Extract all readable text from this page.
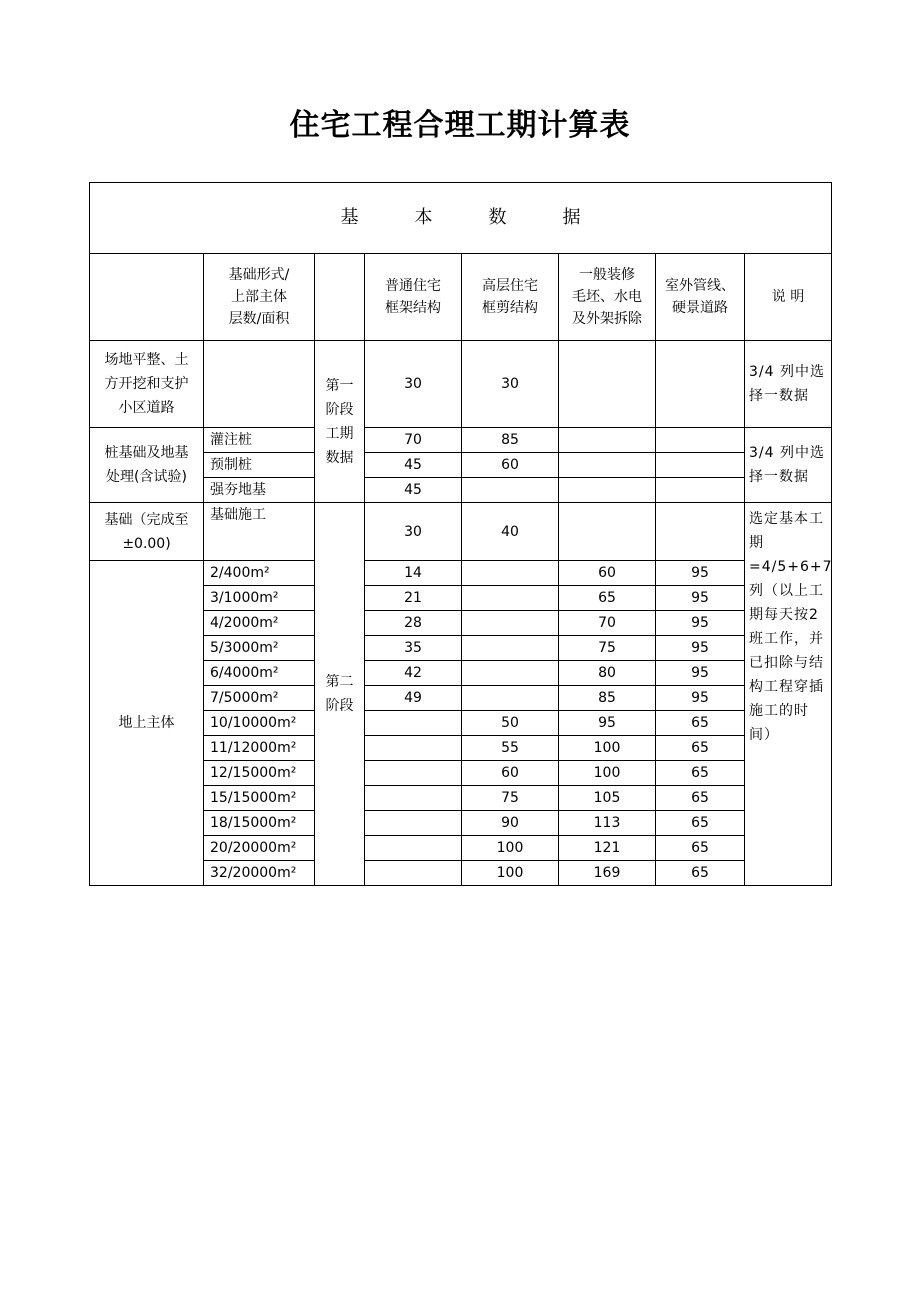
住宅工程合理工期计算表
基 本 数 据							
	基础形式/
上部主体
层数/面积		普通住宅
框架结构	高层住宅
框剪结构	一般装修
毛坯、水电
及外架拆除	室外管线、
硬景道路	说 明
场地平整、土
方开挖和支护
小区道路		第一
阶段
工期
数据	30	30			3/4 列中选择一数据
桩基础及地基
处理(含试验)	灌注桩		70	85			3/4 列中选择一数据
	预制桩		45	60			
	强夯地基		45				
基础（完成至
±0.00)	基础施工	第二
阶段	30	40			选定基本工期=4/5+6+7 列（以上工期每天按2班工作，并已扣除与结构工程穿插施工的时间）
地上主体	2/400m²		14		60	95	
	3/1000m²		21		65	95	
	4/2000m²		28		70	95	
	5/3000m²		35		75	95	
	6/4000m²		42		80	95	
	7/5000m²		49		85	95	
	10/10000m²			50	95	65	
	11/12000m²			55	100	65	
	12/15000m²			60	100	65	
	15/15000m²			75	105	65	
	18/15000m²			90	113	65	
	20/20000m²			100	121	65	
	32/20000m²			100	169	65	
